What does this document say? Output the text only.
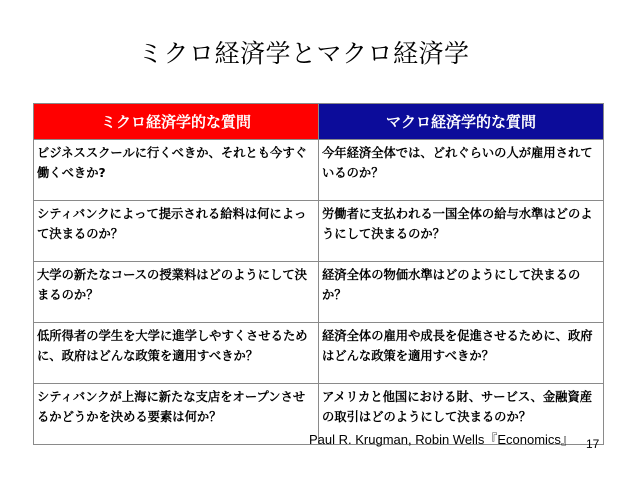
ミクロ経済学とマクロ経済学
ミクロ経済学的な質問	マクロ経済学的な質問
ビジネススクールに行くべきか、それとも今すぐ働くべきか?	今年経済全体では、どれぐらいの人が雇用されているのか？
シティバンクによって提示される給料は何によって決まるのか？	労働者に支払われる一国全体の給与水準はどのようにして決まるのか？
大学の新たなコースの授業料はどのようにして決まるのか？	経済全体の物価水準はどのようにして決まるのか？
低所得者の学生を大学に進学しやすくさせるために、政府はどんな政策を適用すべきか？	経済全体の雇用や成長を促進させるために、政府はどんな政策を適用すべきか？
シティバンクが上海に新たな支店をオープンさせるかどうかを決める要素は何か？	アメリカと他国における財、サービス、金融資産の取引はどのようにして決まるのか？
Paul R. Krugman, Robin Wells『Economics』 17
